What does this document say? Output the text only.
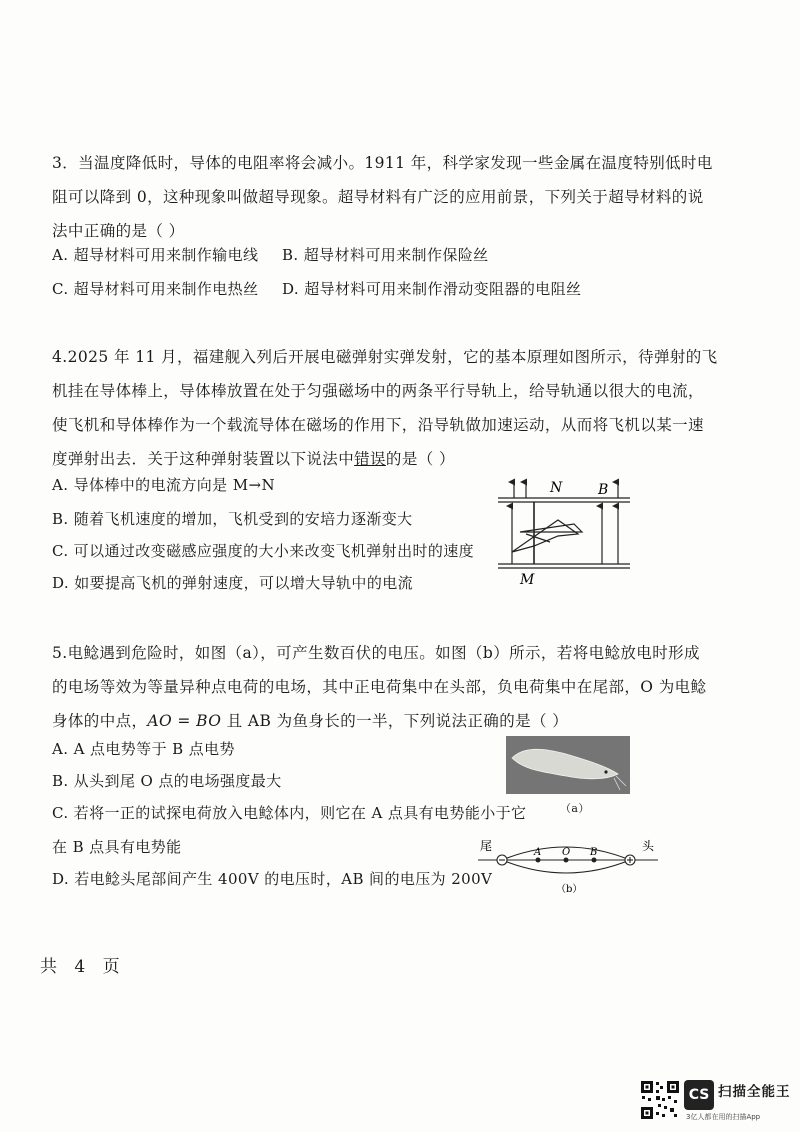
3．当温度降低时，导体的电阻率将会减小。1911 年，科学家发现一些金属在温度特别低时电
阻可以降到 0，这种现象叫做超导现象。超导材料有广泛的应用前景，下列关于超导材料的说
法中正确的是（ ）
A. 超导材料可用来制作输电线 B. 超导材料可用来制作保险丝
C. 超导材料可用来制作电热丝 D. 超导材料可用来制作滑动变阻器的电阻丝
4.2025 年 11 月，福建舰入列后开展电磁弹射实弹发射，它的基本原理如图所示，待弹射的飞
机挂在导体棒上，导体棒放置在处于匀强磁场中的两条平行导轨上，给导轨通以很大的电流，
使飞机和导体棒作为一个载流导体在磁场的作用下，沿导轨做加速运动，从而将飞机以某一速
度弹射出去．关于这种弹射装置以下说法中错误的是（ ）
A. 导体棒中的电流方向是 M→N
B. 随着飞机速度的增加，飞机受到的安培力逐渐变大
C. 可以通过改变磁感应强度的大小来改变飞机弹射出时的速度
D. 如要提高飞机的弹射速度，可以增大导轨中的电流
N	B
M
5.电鲶遇到危险时，如图（a），可产生数百伏的电压。如图（b）所示，若将电鲶放电时形成
的电场等效为等量异种点电荷的电场，其中正电荷集中在头部，负电荷集中在尾部，O 为电鲶
身体的中点，AO = BO 且 AB 为鱼身长的一半，下列说法正确的是（ ）
A. A 点电势等于 B 点电势
B. 从头到尾 O 点的电场强度最大
C. 若将一正的试探电荷放入电鲶体内，则它在 A 点具有电势能小于它
在 B 点具有电势能
D. 若电鲶头尾部间产生 400V 的电压时，AB 间的电压为 200V
（a）
尾	头
A O B
（b）
共 4 页
CS 扫描全能王
3亿人都在用的扫描App
